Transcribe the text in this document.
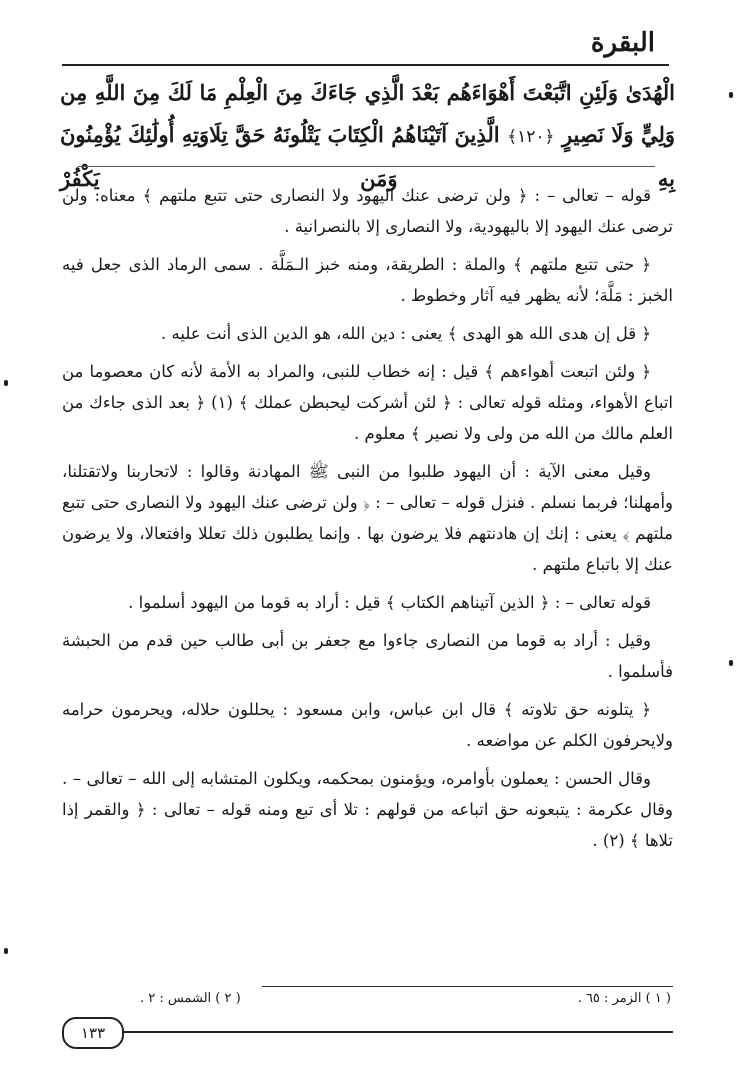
البقرة
الْهُدَىٰ وَلَئِنِ اتَّبَعْتَ أَهْوَاءَهُم بَعْدَ الَّذِي جَاءَكَ مِنَ الْعِلْمِ مَا لَكَ مِنَ اللَّهِ مِن وَلِيٍّ وَلَا نَصِيرٍ ﴿١٢٠﴾ الَّذِينَ آتَيْنَاهُمُ الْكِتَابَ يَتْلُونَهُ حَقَّ تِلَاوَتِهِ أُولَٰئِكَ يُؤْمِنُونَ بِهِ وَمَن يَكْفُرْ

قوله – تعالى – : ﴿ ولن ترضى عنك اليهود ولا النصارى حتى تتبع ملتهم ﴾ معناه: ولن ترضى عنك اليهود إلا باليهودية، ولا النصارى إلا بالنصرانية .

﴿ حتى تتبع ملتهم ﴾ والملة : الطريقة، ومنه خبز الـمَلَّة . سمى الرماد الذى جعل فيه الخبز : مَلَّة؛ لأنه يظهر فيه آثار وخطوط .

﴿ قل إن هدى الله هو الهدى ﴾ يعنى : دين الله، هو الدين الذى أنت عليه .

﴿ ولئن اتبعت أهواءهم ﴾ قيل : إنه خطاب للنبى، والمراد به الأمة لأنه كان معصوما من اتباع الأهواء، ومثله قوله تعالى : ﴿ لئن أشركت ليحبطن عملك ﴾ (١) ﴿ بعد الذى جاءك من العلم مالك من الله من ولى ولا نصير ﴾ معلوم .

وقيل معنى الآية : أن اليهود طلبوا من النبى ﷺ المهادنة وقالوا : لاتحاربنا ولاتقتلنا، وأمهلنا؛ فربما نسلم . فنزل قوله – تعالى – : ﴿ ولن ترضى عنك اليهود ولا النصارى حتى تتبع ملتهم ﴾ يعنى : إنك إن هادنتهم فلا يرضون بها . وإنما يطلبون ذلك تعللا وافتعالا، ولا يرضون عنك إلا باتباع ملتهم .

قوله تعالى – : ﴿ الذين آتيناهم الكتاب ﴾ قيل : أراد به قوما من اليهود أسلموا .

وقيل : أراد به قوما من النصارى جاءوا مع جعفر بن أبى طالب حين قدم من الحبشة فأسلموا .

﴿ يتلونه حق تلاوته ﴾ قال ابن عباس، وابن مسعود : يحللون حلاله، ويحرمون حرامه ولايحرفون الكلم عن مواضعه .

وقال الحسن : يعملون بأوامره، ويؤمنون بمحكمه، ويكلون المتشابه إلى الله – تعالى – . وقال عكرمة : يتبعونه حق اتباعه من قولهم : تلا أى تبع ومنه قوله – تعالى : ﴿ والقمر إذا تلاها ﴾ (٢) .

( ١ ) الزمر : ٦٥ .
( ٢ ) الشمس : ٢ .
١٣٣
